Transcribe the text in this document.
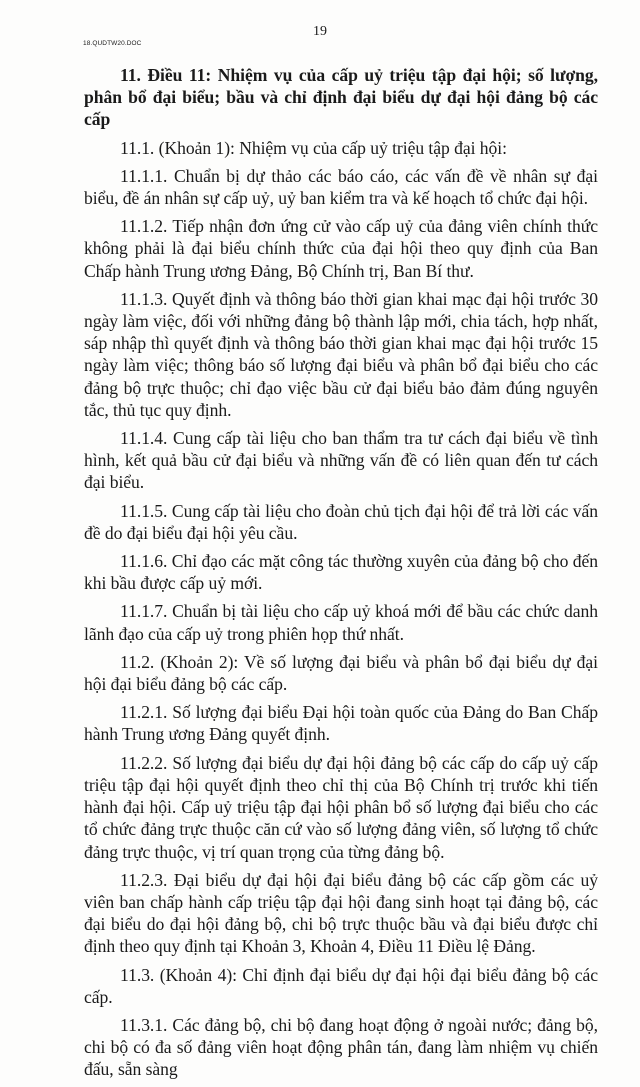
19
18.QUDTW20.DOC

11. Điều 11: Nhiệm vụ của cấp uỷ triệu tập đại hội; số lượng, phân bổ đại biểu; bầu và chỉ định đại biểu dự đại hội đảng bộ các cấp

11.1. (Khoản 1): Nhiệm vụ của cấp uỷ triệu tập đại hội:

11.1.1. Chuẩn bị dự thảo các báo cáo, các vấn đề về nhân sự đại biểu, đề án nhân sự cấp uỷ, uỷ ban kiểm tra và kế hoạch tổ chức đại hội.

11.1.2. Tiếp nhận đơn ứng cử vào cấp uỷ của đảng viên chính thức không phải là đại biểu chính thức của đại hội theo quy định của Ban Chấp hành Trung ương Đảng, Bộ Chính trị, Ban Bí thư.

11.1.3. Quyết định và thông báo thời gian khai mạc đại hội trước 30 ngày làm việc, đối với những đảng bộ thành lập mới, chia tách, hợp nhất, sáp nhập thì quyết định và thông báo thời gian khai mạc đại hội trước 15 ngày làm việc; thông báo số lượng đại biểu và phân bổ đại biểu cho các đảng bộ trực thuộc; chỉ đạo việc bầu cử đại biểu bảo đảm đúng nguyên tắc, thủ tục quy định.

11.1.4. Cung cấp tài liệu cho ban thẩm tra tư cách đại biểu về tình hình, kết quả bầu cử đại biểu và những vấn đề có liên quan đến tư cách đại biểu.

11.1.5. Cung cấp tài liệu cho đoàn chủ tịch đại hội để trả lời các vấn đề do đại biểu đại hội yêu cầu.

11.1.6. Chỉ đạo các mặt công tác thường xuyên của đảng bộ cho đến khi bầu được cấp uỷ mới.

11.1.7. Chuẩn bị tài liệu cho cấp uỷ khoá mới để bầu các chức danh lãnh đạo của cấp uỷ trong phiên họp thứ nhất.

11.2. (Khoản 2): Về số lượng đại biểu và phân bổ đại biểu dự đại hội đại biểu đảng bộ các cấp.

11.2.1. Số lượng đại biểu Đại hội toàn quốc của Đảng do Ban Chấp hành Trung ương Đảng quyết định.

11.2.2. Số lượng đại biểu dự đại hội đảng bộ các cấp do cấp uỷ cấp triệu tập đại hội quyết định theo chỉ thị của Bộ Chính trị trước khi tiến hành đại hội. Cấp uỷ triệu tập đại hội phân bổ số lượng đại biểu cho các tổ chức đảng trực thuộc căn cứ vào số lượng đảng viên, số lượng tổ chức đảng trực thuộc, vị trí quan trọng của từng đảng bộ.

11.2.3. Đại biểu dự đại hội đại biểu đảng bộ các cấp gồm các uỷ viên ban chấp hành cấp triệu tập đại hội đang sinh hoạt tại đảng bộ, các đại biểu do đại hội đảng bộ, chi bộ trực thuộc bầu và đại biểu được chỉ định theo quy định tại Khoản 3, Khoản 4, Điều 11 Điều lệ Đảng.

11.3. (Khoản 4): Chỉ định đại biểu dự đại hội đại biểu đảng bộ các cấp.

11.3.1. Các đảng bộ, chi bộ đang hoạt động ở ngoài nước; đảng bộ, chi bộ có đa số đảng viên hoạt động phân tán, đang làm nhiệm vụ chiến đấu, sẵn sàng
